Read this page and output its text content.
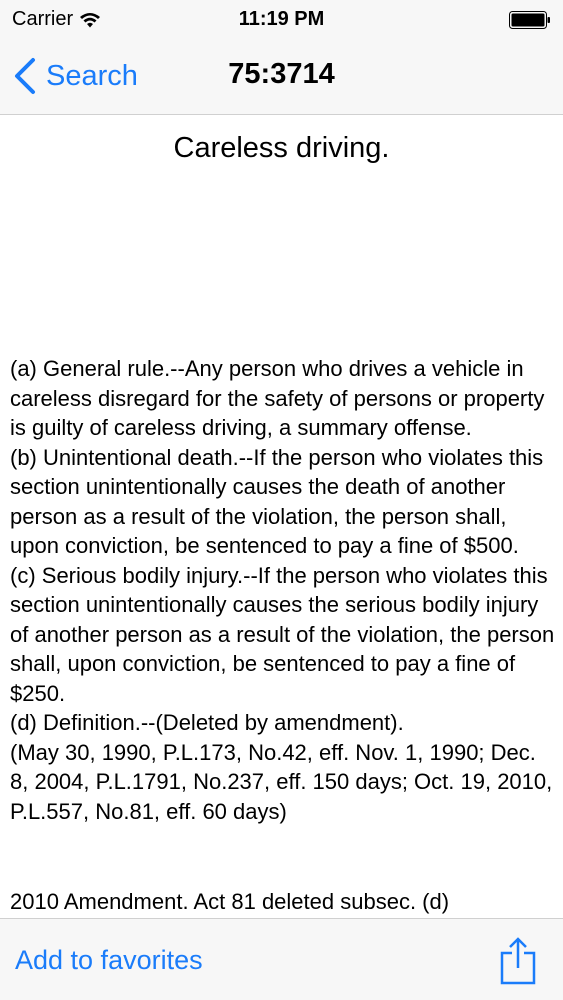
Carrier	11:19 PM
Search	75:3714
Careless driving.

(a) General rule.--Any person who drives a vehicle in careless disregard for the safety of persons or property is guilty of careless driving, a summary offense.

(b) Unintentional death.--If the person who violates this section unintentionally causes the death of another person as a result of the violation, the person shall, upon conviction, be sentenced to pay a fine of $500.

(c) Serious bodily injury.--If the person who violates this section unintentionally causes the serious bodily injury of another person as a result of the violation, the person shall, upon conviction, be sentenced to pay a fine of $250.

(d) Definition.--(Deleted by amendment).

(May 30, 1990, P.L.173, No.42, eff. Nov. 1, 1990; Dec. 8, 2004, P.L.1791, No.237, eff. 150 days; Oct. 19, 2010, P.L.557, No.81, eff. 60 days)

2010 Amendment. Act 81 deleted subsec. (d)
Add to favorites
